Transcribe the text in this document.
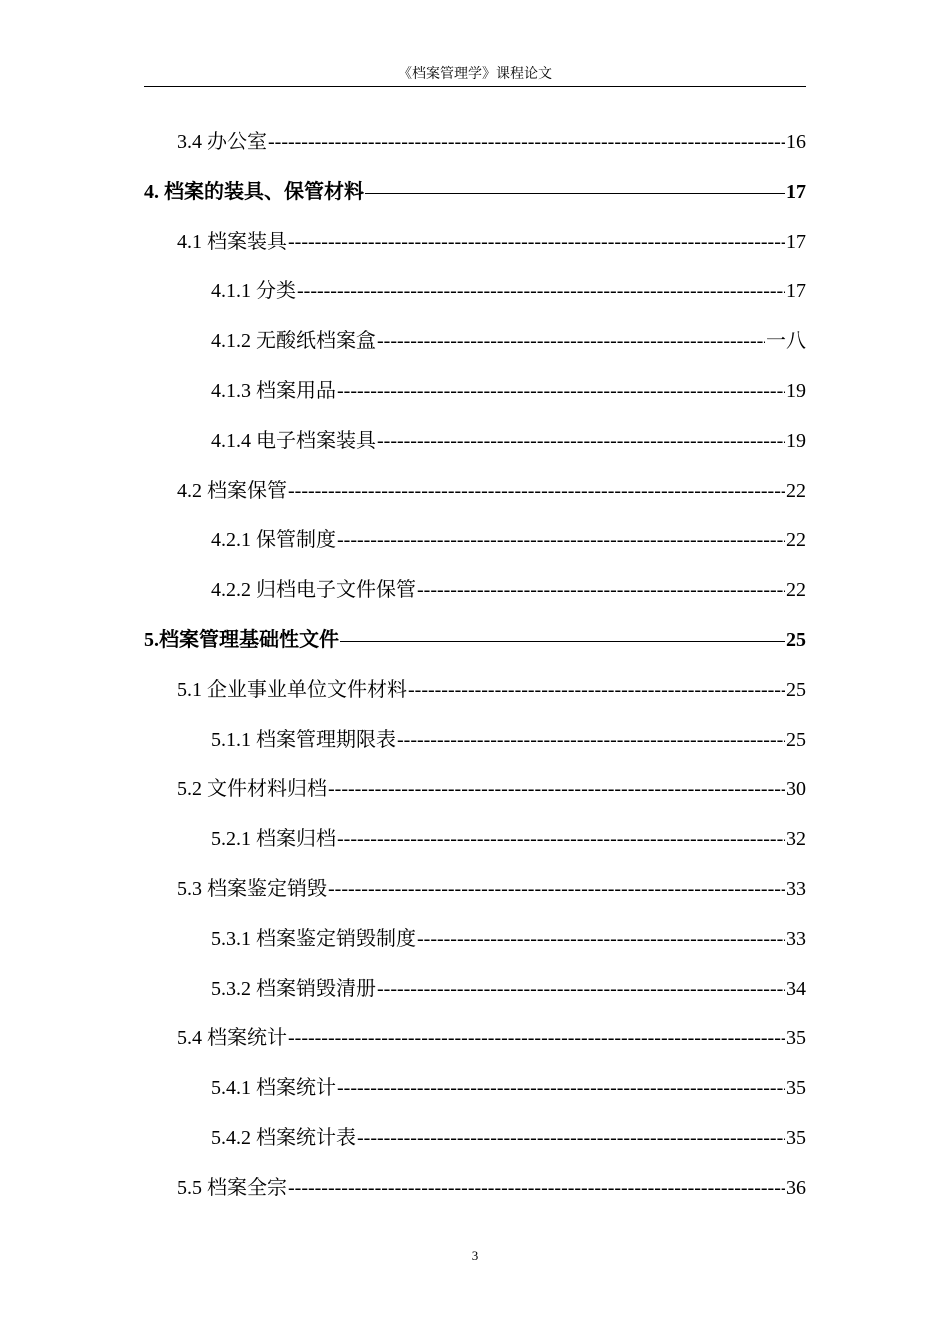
《档案管理学》课程论文
3.4 办公室 -----	16
4. 档案的装具、保管材料 —————	17
4.1 档案装具 -----	17
4.1.1 分类 -----	17
4.1.2 无酸纸档案盒 -----	一八
4.1.3 档案用品 -----	19
4.1.4 电子档案装具 -----	19
4.2 档案保管 -----	22
4.2.1 保管制度 -----	22
4.2.2 归档电子文件保管 -----	22
5.档案管理基础性文件 —————	25
5.1 企业事业单位文件材料 -----	25
5.1.1 档案管理期限表 -----	25
5.2 文件材料归档 -----	30
5.2.1 档案归档 -----	32
5.3 档案鉴定销毁 -----	33
5.3.1 档案鉴定销毁制度 -----	33
5.3.2 档案销毁清册 -----	34
5.4 档案统计 -----	35
5.4.1 档案统计 -----	35
5.4.2 档案统计表 -----	35
5.5 档案全宗 -----	36
3
